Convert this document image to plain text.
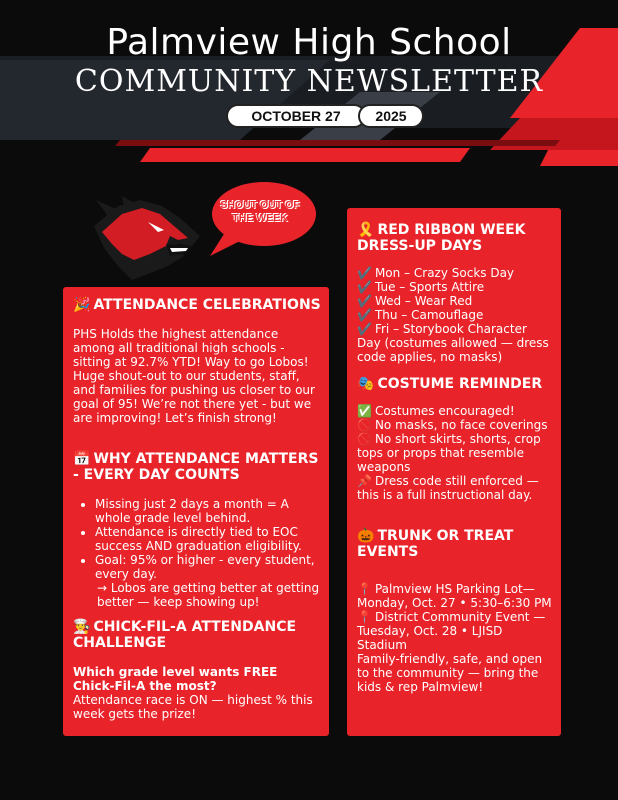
Palmview High School
COMMUNITY NEWSLETTER
OCTOBER 27	2025
SHOUT OUT OF THE WEEK
🎉 ATTENDANCE CELEBRATIONS
PHS Holds the highest attendance among all traditional high schools - sitting at 92.7% YTD! Way to go Lobos! Huge shout-out to our students, staff, and families for pushing us closer to our goal of 95! We’re not there yet - but we are improving! Let’s finish strong!
📅 WHY ATTENDANCE MATTERS - EVERY DAY COUNTS
• Missing just 2 days a month = A whole grade level behind.
• Attendance is directly tied to EOC success AND graduation eligibility.
• Goal: 95% or higher - every student, every day.
→ Lobos are getting better at getting better — keep showing up!
👨‍🍳 CHICK-FIL-A ATTENDANCE CHALLENGE
Which grade level wants FREE Chick-Fil-A the most?
Attendance race is ON — highest % this week gets the prize!
🎗️ RED RIBBON WEEK DRESS-UP DAYS
✔️ Mon – Crazy Socks Day
✔️ Tue – Sports Attire
✔️ Wed – Wear Red
✔️ Thu – Camouflage
✔️ Fri – Storybook Character Day (costumes allowed — dress code applies, no masks)
🎭 COSTUME REMINDER
✅ Costumes encouraged!
🚫 No masks, no face coverings
🚫 No short skirts, shorts, crop tops or props that resemble weapons
📌 Dress code still enforced — this is a full instructional day.
🎃 TRUNK OR TREAT EVENTS
📍 Palmview HS Parking Lot— Monday, Oct. 27 • 5:30–6:30 PM
📍 District Community Event — Tuesday, Oct. 28 • LJISD Stadium
Family-friendly, safe, and open to the community — bring the kids & rep Palmview!
